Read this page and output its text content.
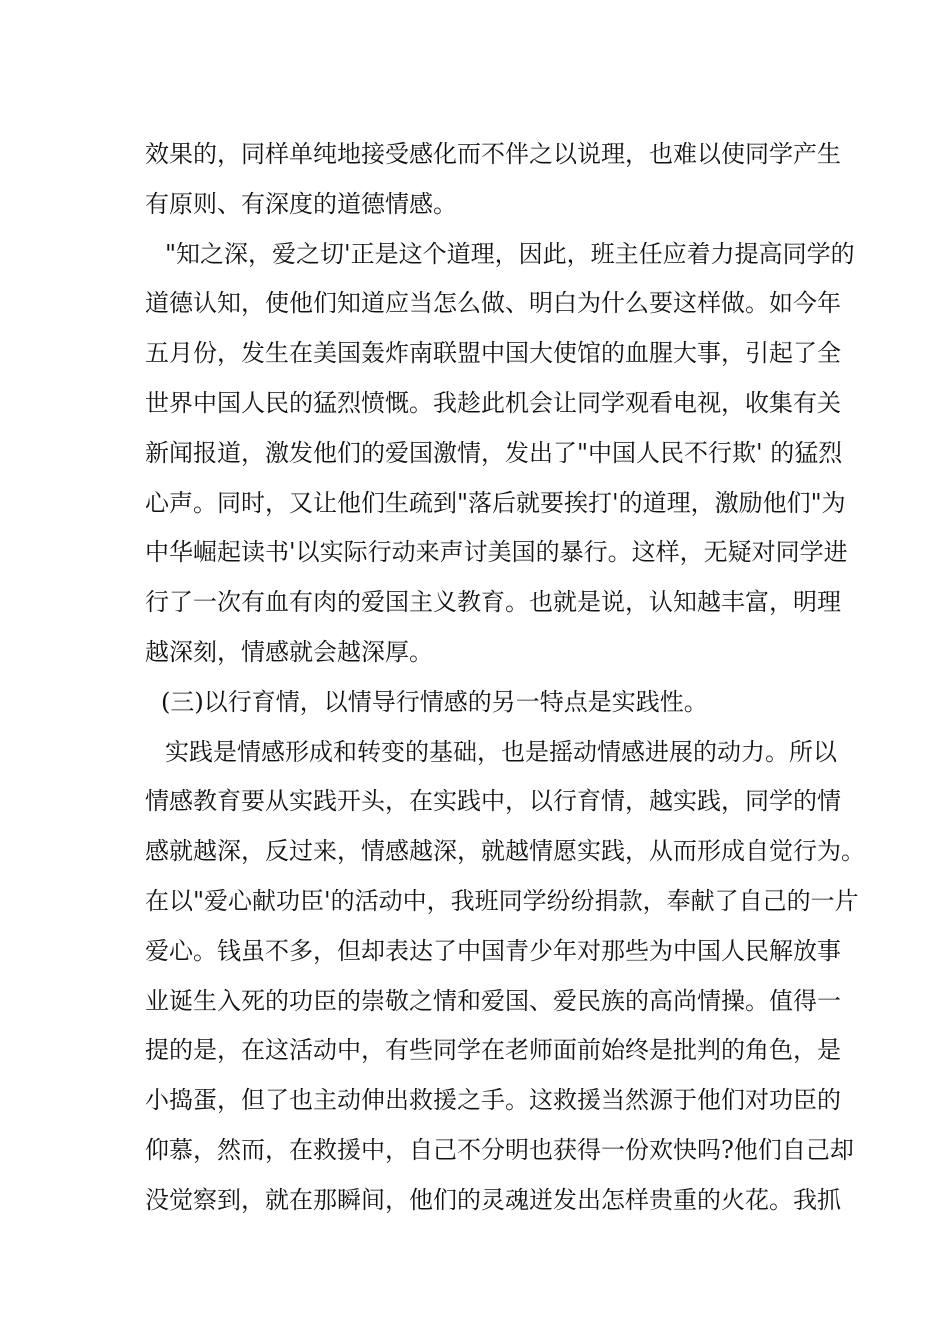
效果的，同样单纯地接受感化而不伴之以说理，也难以使同学产生
有原则、有深度的道德情感。
"知之深，爱之切'正是这个道理，因此，班主任应着力提高同学的
道德认知，使他们知道应当怎么做、明白为什么要这样做。如今年
五月份，发生在美国轰炸南联盟中国大使馆的血腥大事，引起了全
世界中国人民的猛烈愤慨。我趁此机会让同学观看电视，收集有关
新闻报道，激发他们的爱国激情，发出了"中国人民不行欺' 的猛烈
心声。同时，又让他们生疏到"落后就要挨打'的道理，激励他们"为
中华崛起读书'以实际行动来声讨美国的暴行。这样，无疑对同学进
行了一次有血有肉的爱国主义教育。也就是说，认知越丰富，明理
越深刻，情感就会越深厚。
(三)以行育情，以情导行情感的另一特点是实践性。
实践是情感形成和转变的基础，也是摇动情感进展的动力。所以
情感教育要从实践开头，在实践中，以行育情，越实践，同学的情
感就越深，反过来，情感越深，就越情愿实践，从而形成自觉行为。
在以"爱心献功臣'的活动中，我班同学纷纷捐款，奉献了自己的一片
爱心。钱虽不多，但却表达了中国青少年对那些为中国人民解放事
业诞生入死的功臣的崇敬之情和爱国、爱民族的高尚情操。值得一
提的是，在这活动中，有些同学在老师面前始终是批判的角色，是
小捣蛋，但了也主动伸出救援之手。这救援当然源于他们对功臣的
仰慕，然而，在救援中，自己不分明也获得一份欢快吗?他们自己却
没觉察到，就在那瞬间，他们的灵魂迸发出怎样贵重的火花。我抓
